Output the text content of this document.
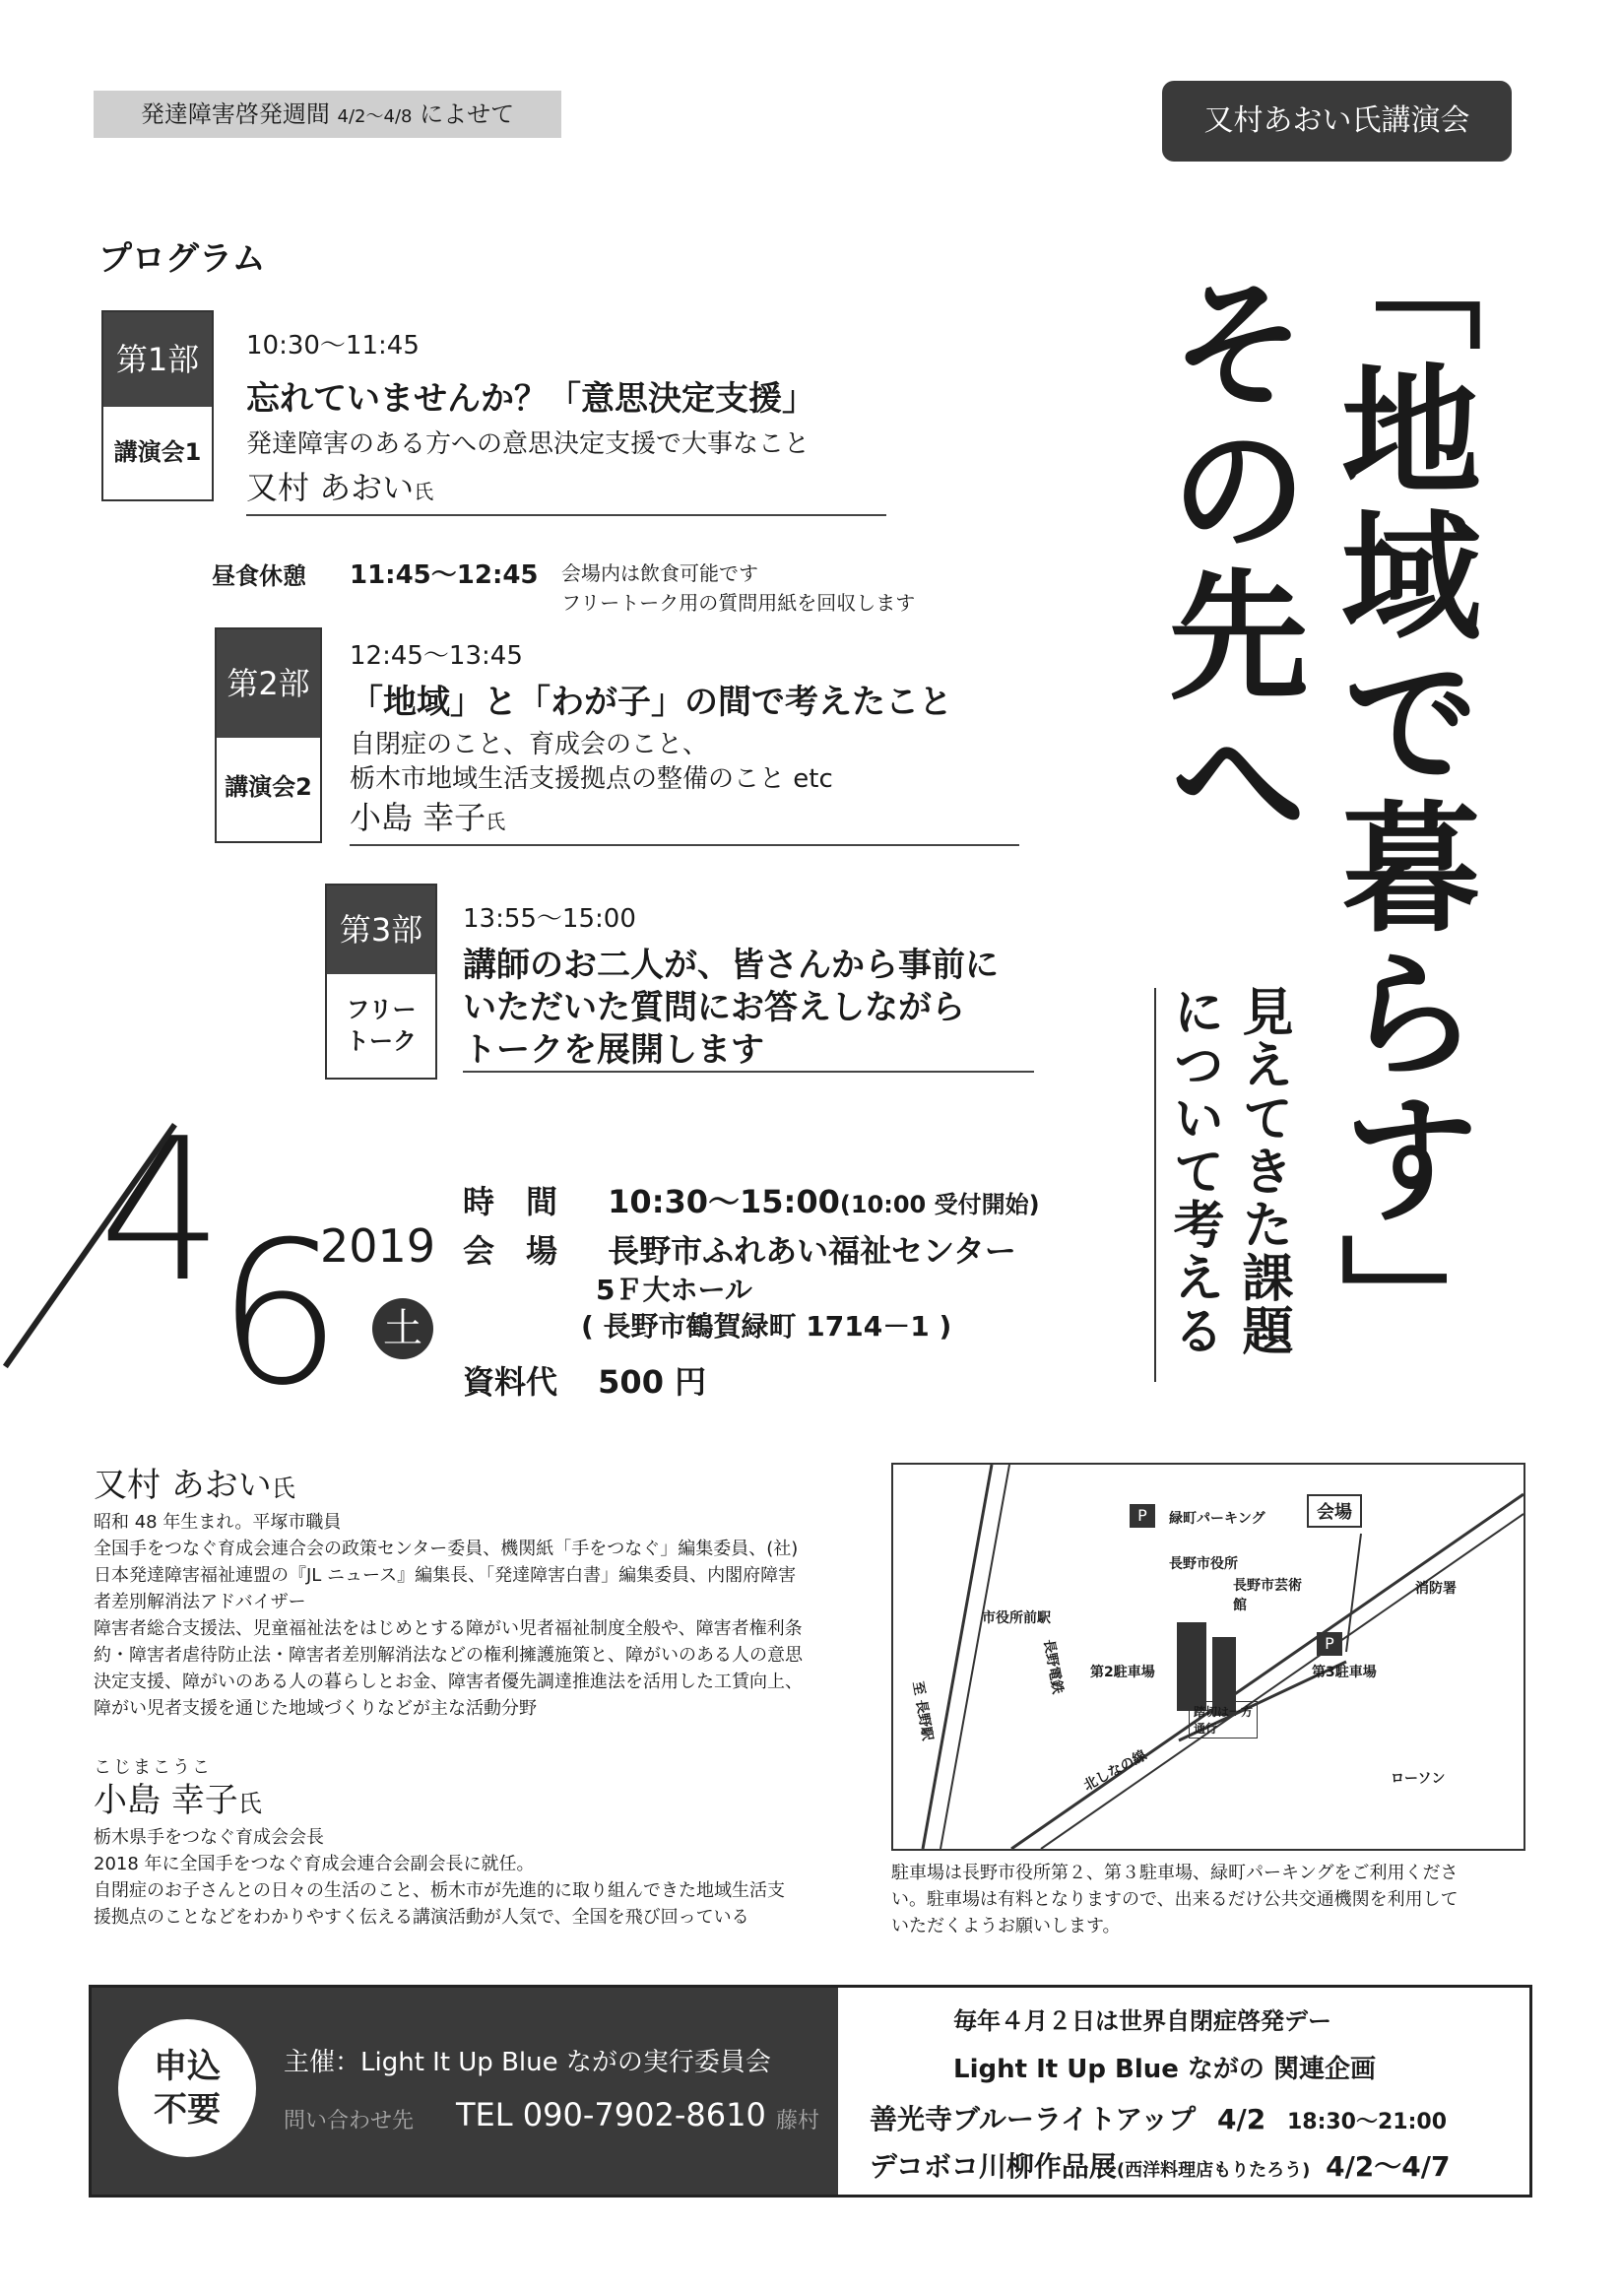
発達障害啓発週間 4/2～4/8 によせて	又村あおい氏講演会
プログラム
第1部
講演会1
10:30～11:45
忘れていませんか？「意思決定支援」
発達障害のある方への意思決定支援で大事なこと
又村 あおい氏
昼食休憩 11:45～12:45 会場内は飲食可能です
フリートーク用の質問用紙を回収します
第2部
講演会2
12:45～13:45
「地域」と「わが子」の間で考えたこと
自閉症のこと、育成会のこと、
栃木市地域生活支援拠点の整備のこと etc
小島 幸子氏
第3部
フリー
トーク
13:55～15:00
講師のお二人が、皆さんから事前に
いただいた質問にお答えしながら
トークを展開します	「地域で暮らす」
その先へ
見えてきた課題
について考える
4
6
2019
土
時　間 10:30～15:00(10:00 受付開始)
会　場 長野市ふれあい福祉センター
5Ｆ大ホール
( 長野市鶴賀緑町 1714－1 )
資料代 500 円
又村 あおい氏
昭和 48 年生まれ。平塚市職員
全国手をつなぐ育成会連合会の政策センター委員、機関紙「手をつなぐ」編集委員、(社)
日本発達障害福祉連盟の『JL ニュース』編集長、「発達障害白書」編集委員、内閣府障害
者差別解消法アドバイザー
障害者総合支援法、児童福祉法をはじめとする障がい児者福祉制度全般や、障害者権利条
約・障害者虐待防止法・障害者差別解消法などの権利擁護施策と、障がいのある人の意思
決定支援、障がいのある人の暮らしとお金、障害者優先調達推進法を活用した工賃向上、
障がい児者支援を通じた地域づくりなどが主な活動分野
こじまこうこ
小島 幸子氏
栃木県手をつなぐ育成会会長
2018 年に全国手をつなぐ育成会連合会副会長に就任。
自閉症のお子さんとの日々の生活のこと、栃木市が先進的に取り組んできた地域生活支
援拠点のことなどをわかりやすく伝える講演活動が人気で、全国を飛び回っている
P	緑町パーキング	会場
長野市役所
長野市芸術館
消防署
市役所前駅
第2駐車場
P
第3駐車場
踏切は一方通行
北しなの線
長野電鉄
至 長野駅
ローソン
駐車場は長野市役所第２、第３駐車場、緑町パーキングをご利用くださ
い。駐車場は有料となりますので、出来るだけ公共交通機関を利用して
いただくようお願いします。
申込
不要
主催：Light It Up Blue ながの実行委員会
問い合わせ先 TEL 090-7902-8610 藤村
毎年４月２日は世界自閉症啓発デー
Light It Up Blue ながの 関連企画
善光寺ブルーライトアップ 4/2 18:30～21:00
デコボコ川柳作品展(西洋料理店もりたろう) 4/2～4/7
